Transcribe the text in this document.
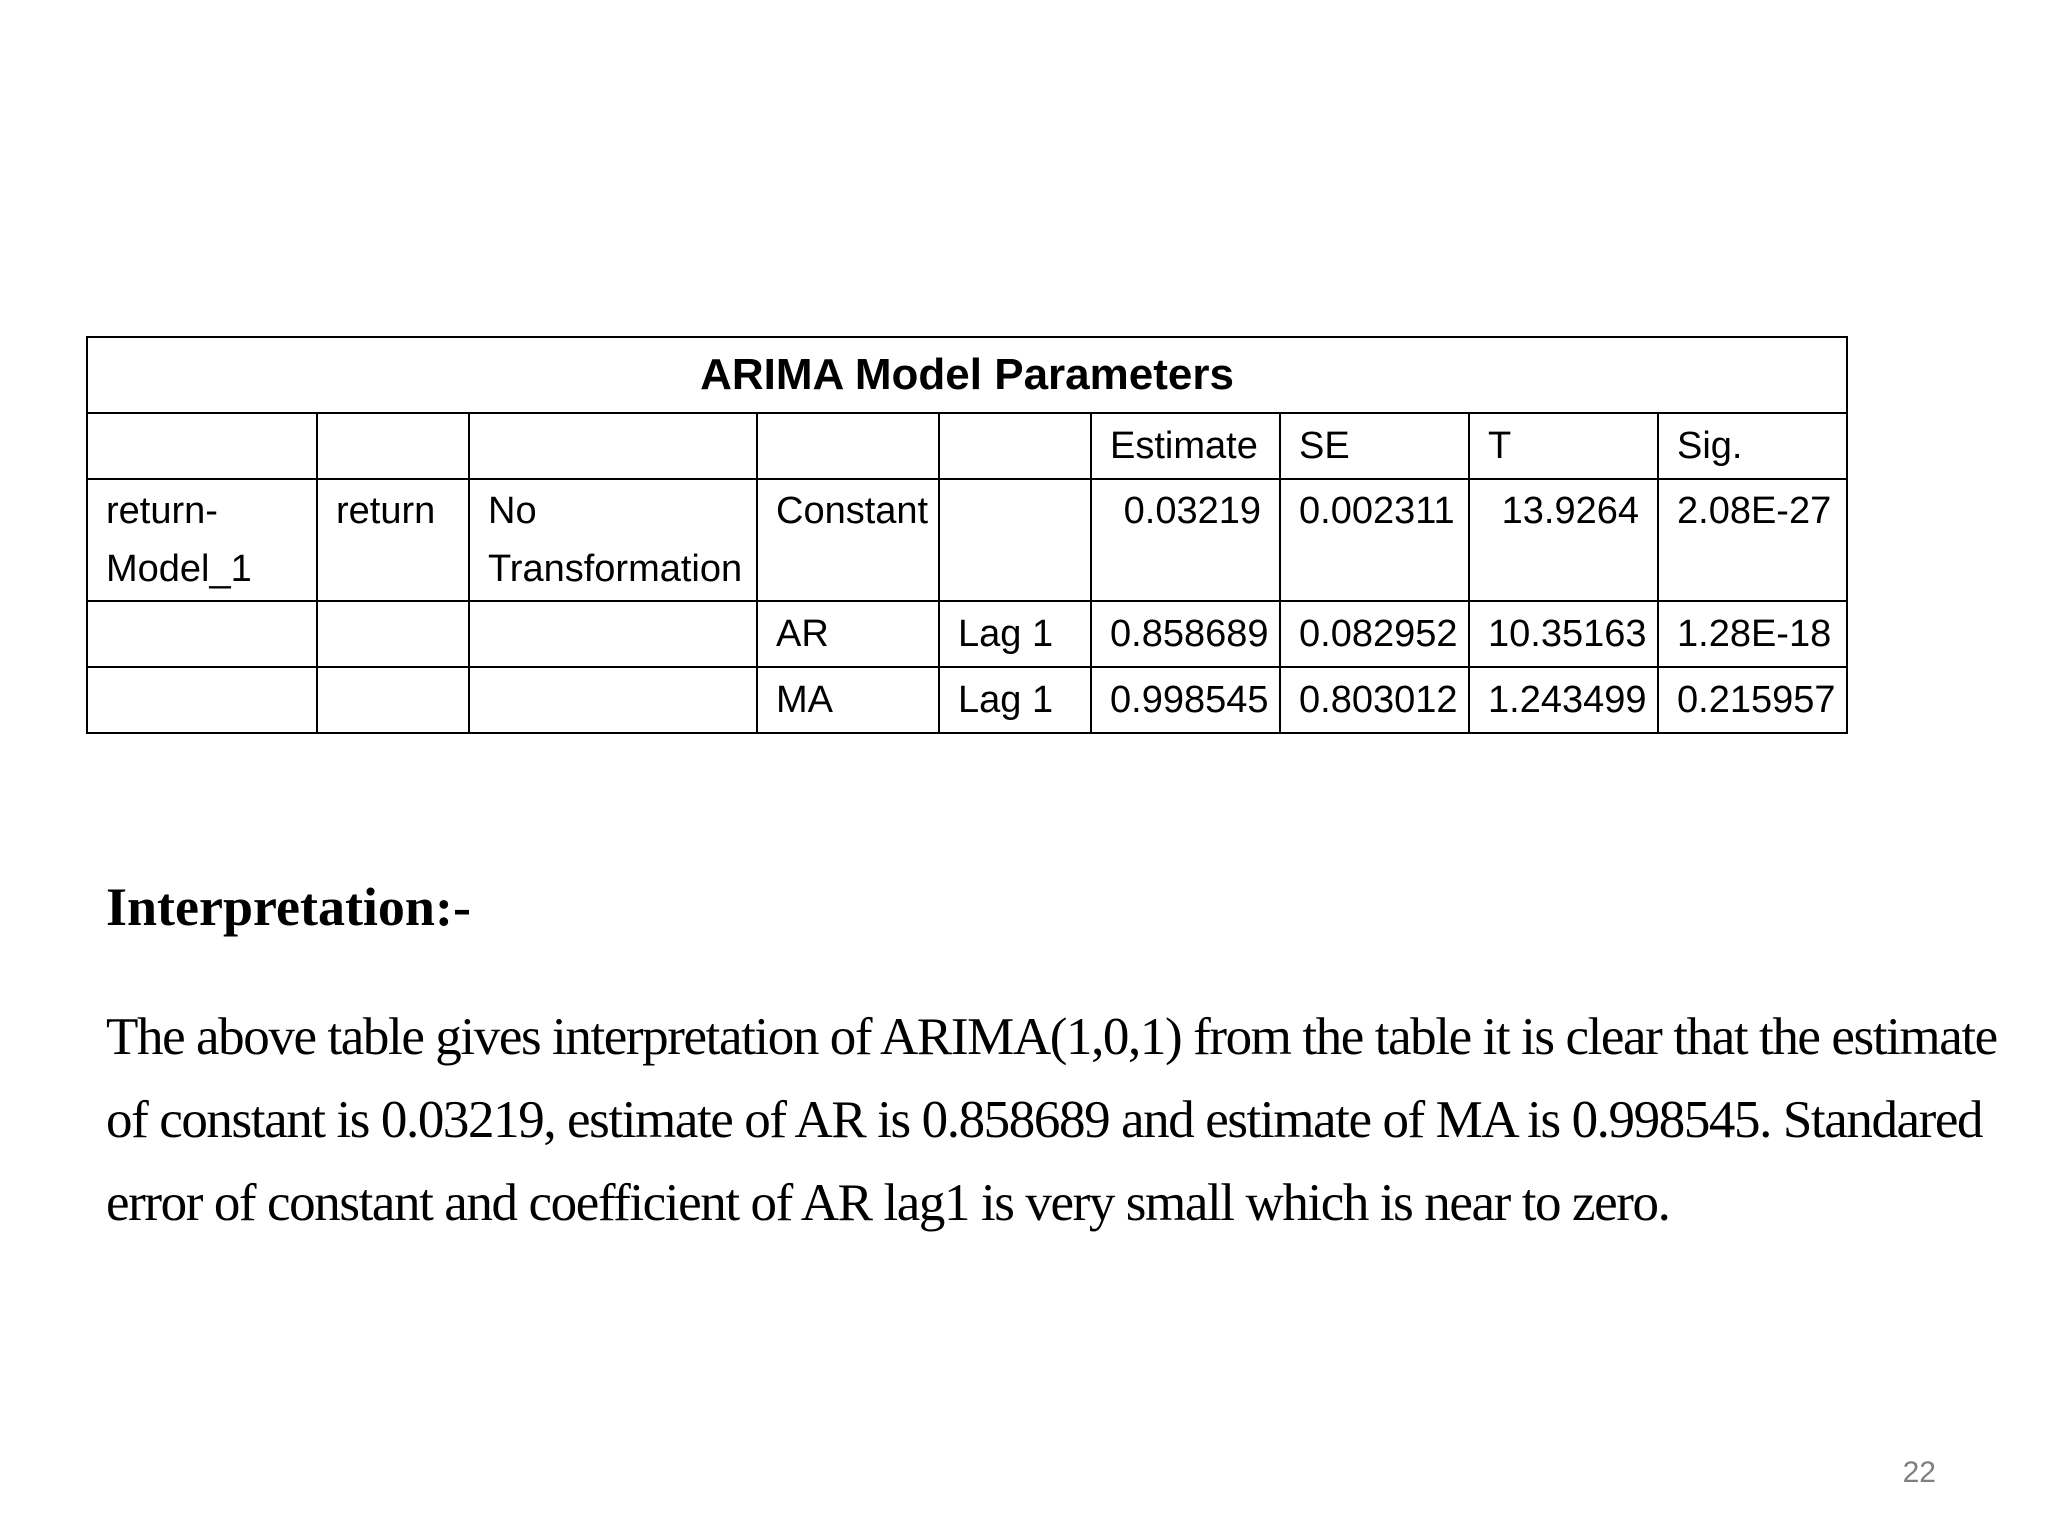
ARIMA Model Parameters								
					Estimate	SE	T	Sig.
return-Model_1	return	No Transformation	Constant		0.03219	0.002311	13.9264	2.08E-27
			AR	Lag 1	0.858689	0.082952	10.35163	1.28E-18
			MA	Lag 1	0.998545	0.803012	1.243499	0.215957
Interpretation:-

The above table gives interpretation of ARIMA(1,0,1) from the table it is clear that the estimate
of constant is 0.03219, estimate of AR is 0.858689 and estimate of MA is 0.998545. Standared
error of constant and coefficient of AR lag1 is very small which is near to zero.

22
